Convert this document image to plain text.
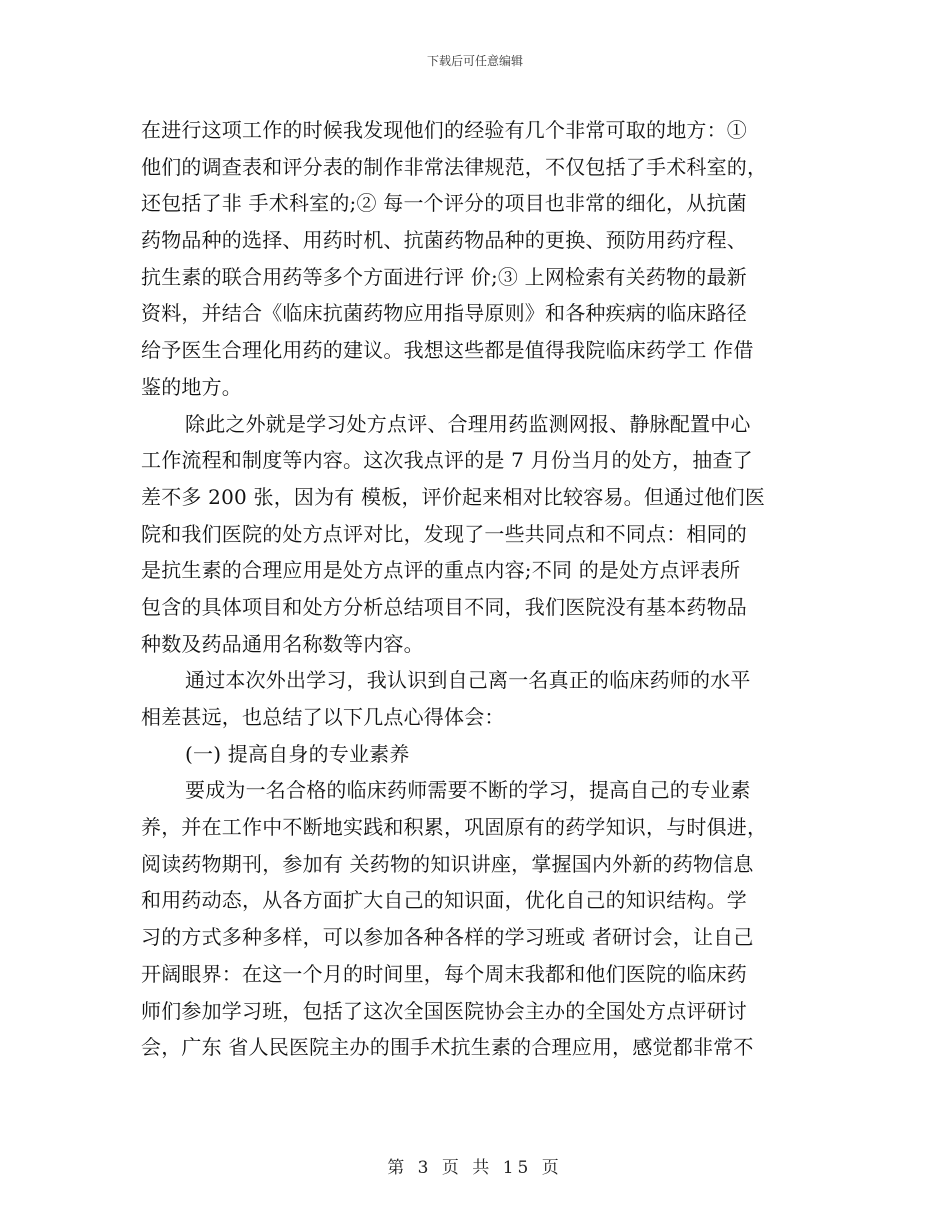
下载后可任意编辑
在进行这项工作的时候我发现他们的经验有几个非常可取的地方：①
他们的调查表和评分表的制作非常法律规范，不仅包括了手术科室的，
还包括了非 手术科室的;② 每一个评分的项目也非常的细化，从抗菌
药物品种的选择、用药时机、抗菌药物品种的更换、预防用药疗程、
抗生素的联合用药等多个方面进行评 价;③ 上网检索有关药物的最新
资料，并结合《临床抗菌药物应用指导原则》和各种疾病的临床路径
给予医生合理化用药的建议。我想这些都是值得我院临床药学工 作借
鉴的地方。
除此之外就是学习处方点评、合理用药监测网报、静脉配置中心
工作流程和制度等内容。这次我点评的是 7 月份当月的处方，抽查了
差不多 200 张，因为有 模板，评价起来相对比较容易。但通过他们医
院和我们医院的处方点评对比，发现了一些共同点和不同点：相同的
是抗生素的合理应用是处方点评的重点内容;不同 的是处方点评表所
包含的具体项目和处方分析总结项目不同，我们医院没有基本药物品
种数及药品通用名称数等内容。
通过本次外出学习，我认识到自己离一名真正的临床药师的水平
相差甚远，也总结了以下几点心得体会：
(一) 提高自身的专业素养
要成为一名合格的临床药师需要不断的学习，提高自己的专业素
养，并在工作中不断地实践和积累，巩固原有的药学知识，与时俱进，
阅读药物期刊，参加有 关药物的知识讲座，掌握国内外新的药物信息
和用药动态，从各方面扩大自己的知识面，优化自己的知识结构。学
习的方式多种多样，可以参加各种各样的学习班或 者研讨会，让自己
开阔眼界：在这一个月的时间里，每个周末我都和他们医院的临床药
师们参加学习班，包括了这次全国医院协会主办的全国处方点评研讨
会，广东 省人民医院主办的围手术抗生素的合理应用，感觉都非常不
第 3 页 共 15 页
